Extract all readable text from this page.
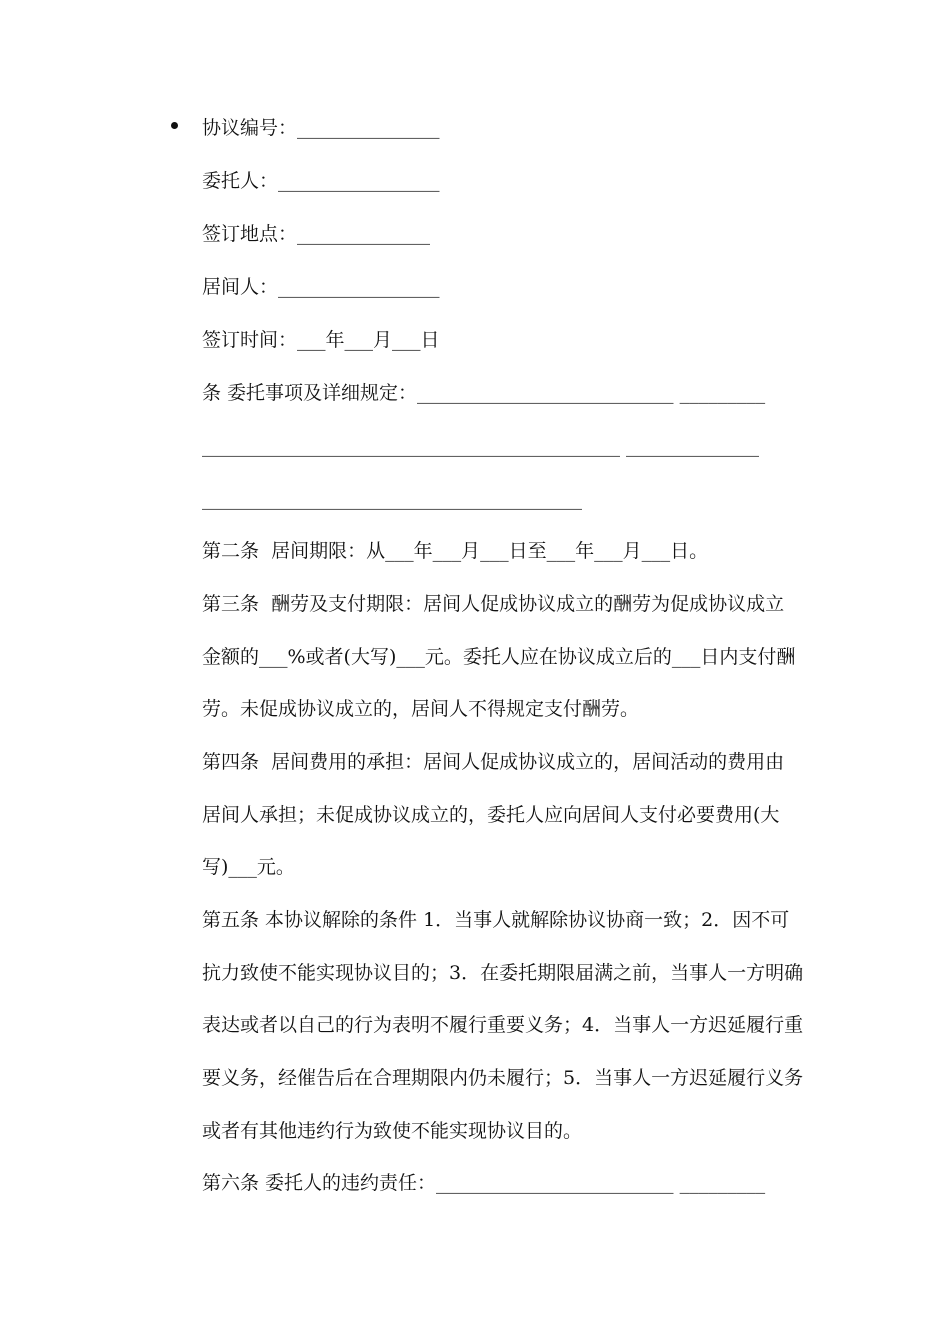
协议编号：_______________
委托人：_________________
签订地点：______________
居间人：_________________
签订时间：___年___月___日
条 委托事项及详细规定：___________________________ _________
____________________________________________ ______________
________________________________________
第二条  居间期限：从___年___月___日至___年___月___日。
第三条  酬劳及支付期限：居间人促成协议成立的酬劳为促成协议成立
金额的___%或者(大写)___元。委托人应在协议成立后的___日内支付酬
劳。未促成协议成立的，居间人不得规定支付酬劳。
第四条  居间费用的承担：居间人促成协议成立的，居间活动的费用由
居间人承担；未促成协议成立的，委托人应向居间人支付必要费用(大
写)___元。
第五条 本协议解除的条件 1．当事人就解除协议协商一致；2．因不可
抗力致使不能实现协议目的；3．在委托期限届满之前，当事人一方明确
表达或者以自己的行为表明不履行重要义务；4．当事人一方迟延履行重
要义务，经催告后在合理期限内仍未履行；5．当事人一方迟延履行义务
或者有其他违约行为致使不能实现协议目的。
第六条 委托人的违约责任：_________________________ _________
